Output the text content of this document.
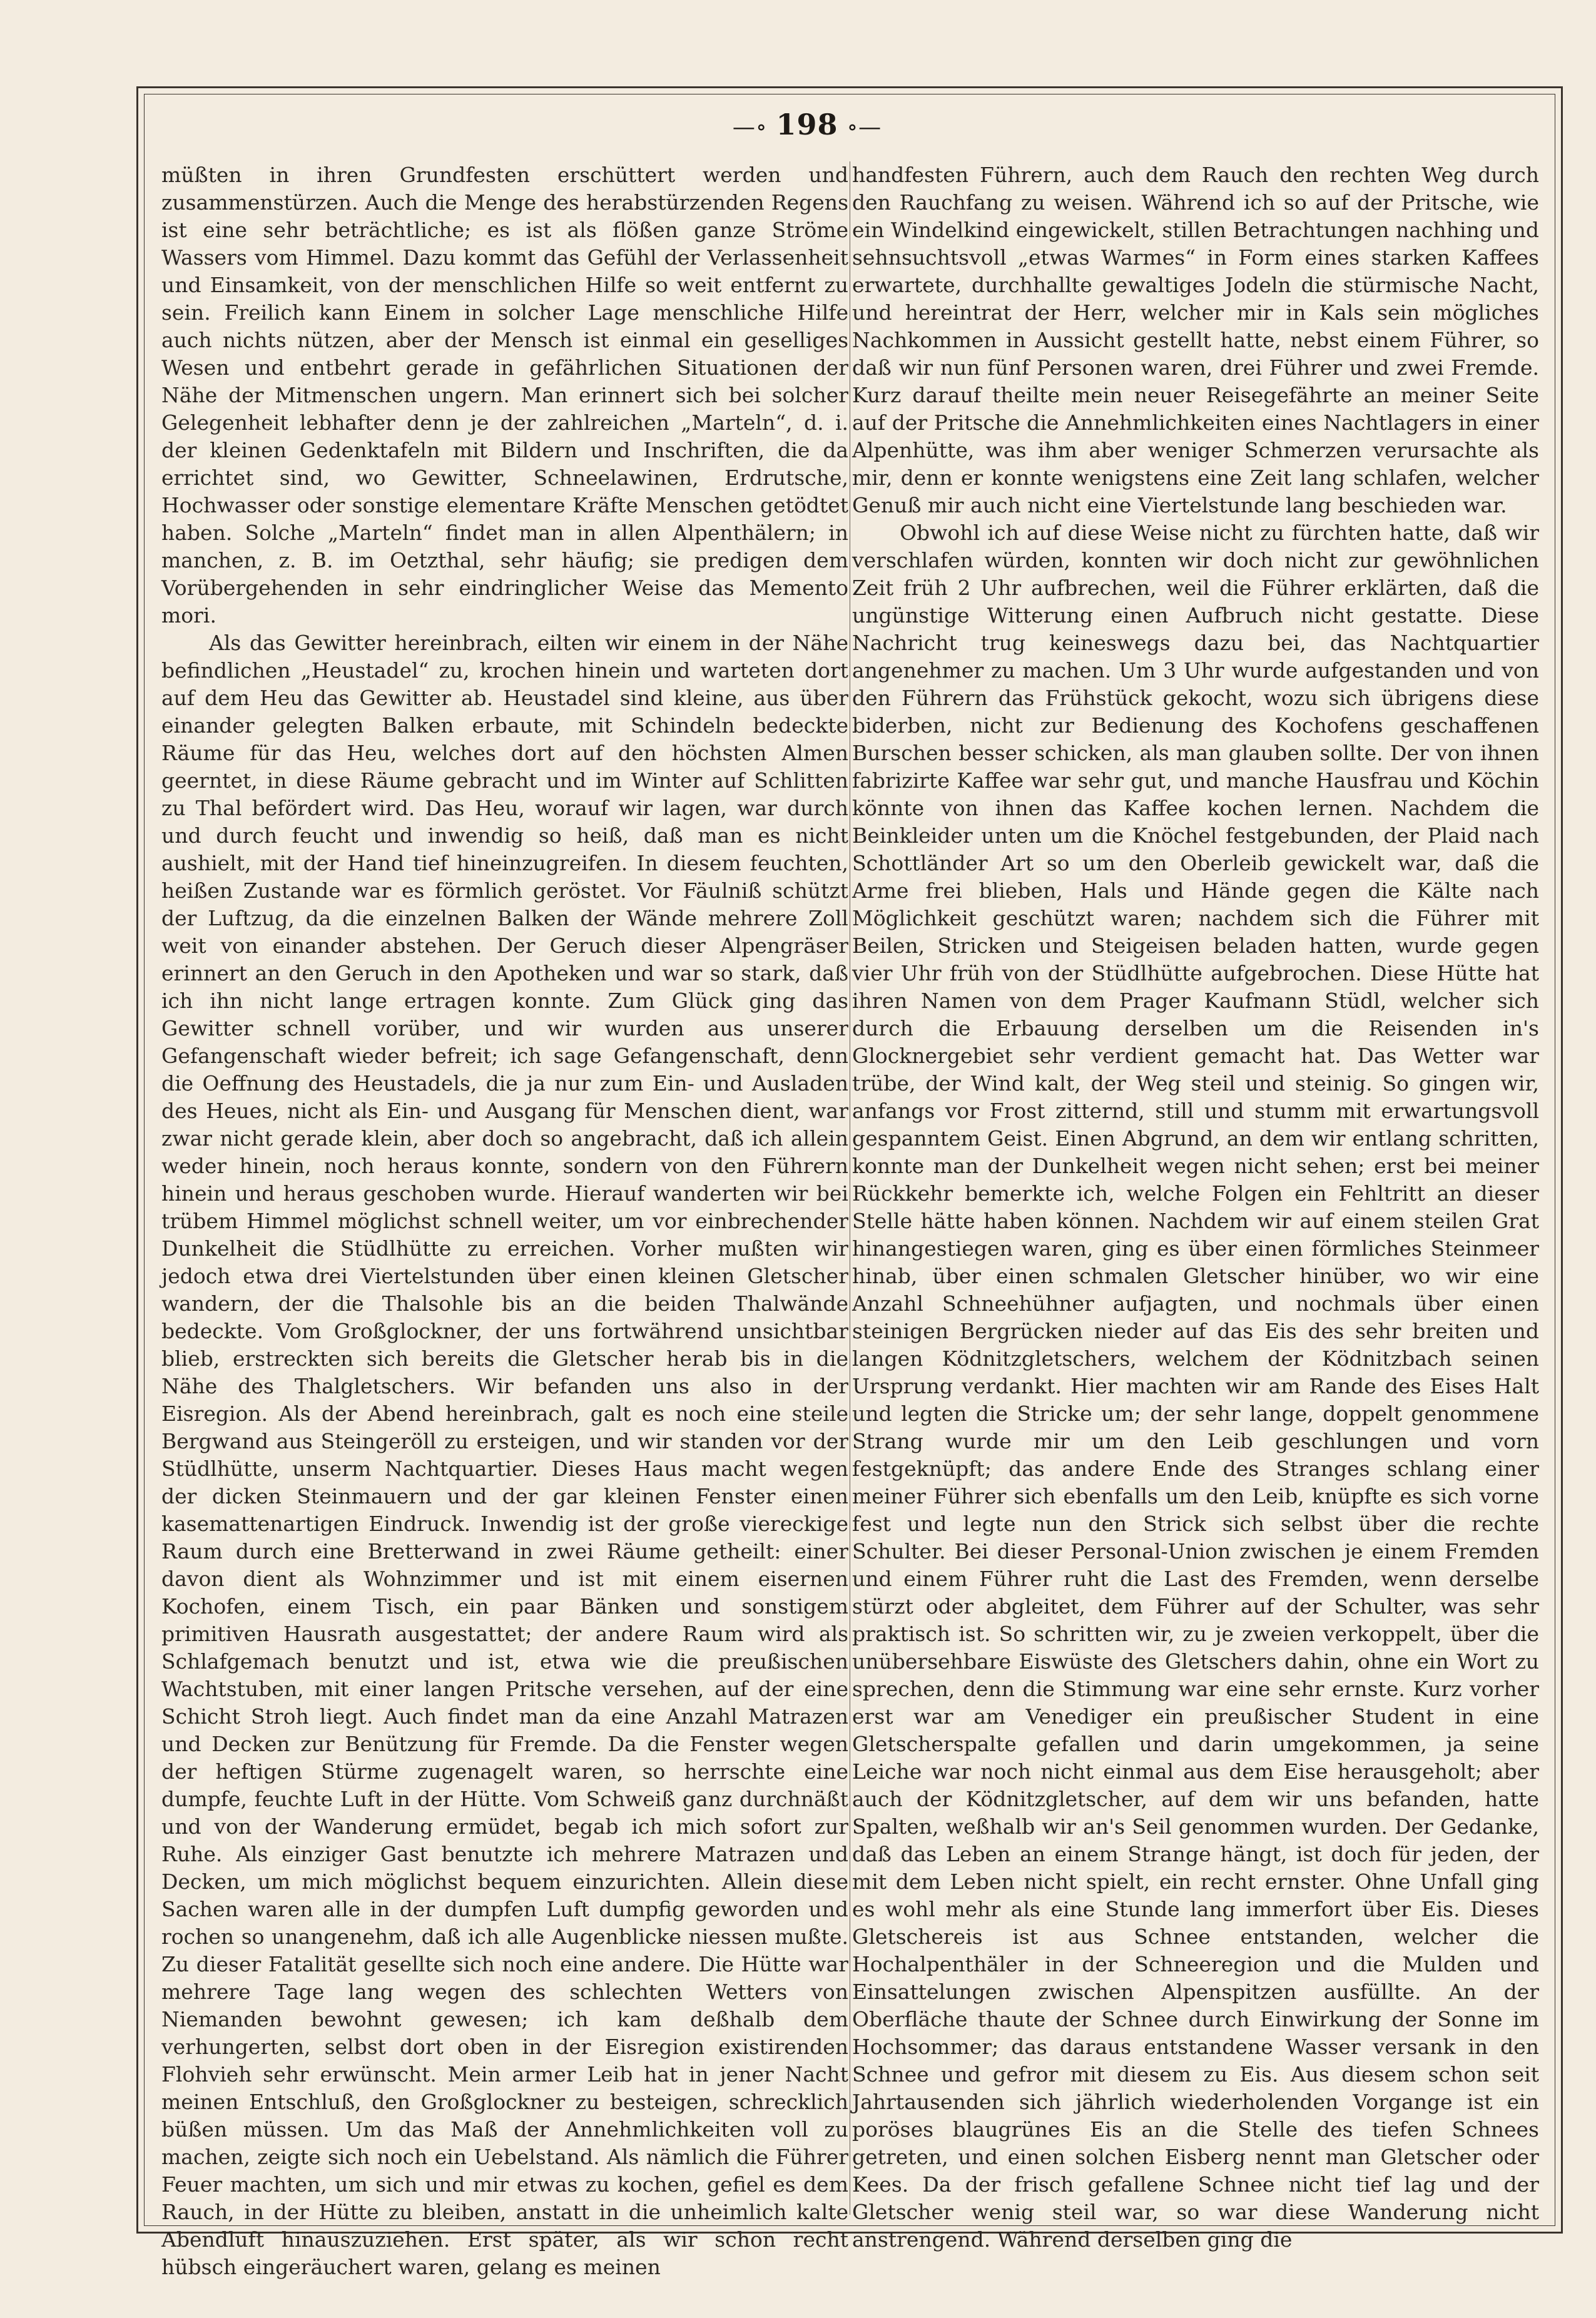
—∘ 198 ∘—

müßten in ihren Grundfesten erschüttert werden und zusammenstürzen. Auch die Menge des herabstürzenden Regens ist eine sehr beträchtliche; es ist als flößen ganze Ströme Wassers vom Himmel. Dazu kommt das Gefühl der Verlassenheit und Einsamkeit, von der menschlichen Hilfe so weit entfernt zu sein. Freilich kann Einem in solcher Lage menschliche Hilfe auch nichts nützen, aber der Mensch ist einmal ein geselliges Wesen und entbehrt gerade in gefährlichen Situationen der Nähe der Mitmenschen ungern. Man erinnert sich bei solcher Gelegenheit lebhafter denn je der zahlreichen „Marteln“, d. i. der kleinen Gedenktafeln mit Bildern und Inschriften, die da errichtet sind, wo Gewitter, Schneelawinen, Erdrutsche, Hochwasser oder sonstige elementare Kräfte Menschen getödtet haben. Solche „Marteln“ findet man in allen Alpenthälern; in manchen, z. B. im Oetzthal, sehr häufig; sie predigen dem Vorübergehenden in sehr eindringlicher Weise das Memento mori.

Als das Gewitter hereinbrach, eilten wir einem in der Nähe befindlichen „Heustadel“ zu, krochen hinein und warteten dort auf dem Heu das Gewitter ab. Heustadel sind kleine, aus über einander gelegten Balken erbaute, mit Schindeln bedeckte Räume für das Heu, welches dort auf den höchsten Almen geerntet, in diese Räume gebracht und im Winter auf Schlitten zu Thal befördert wird. Das Heu, worauf wir lagen, war durch und durch feucht und inwendig so heiß, daß man es nicht aushielt, mit der Hand tief hineinzugreifen. In diesem feuchten, heißen Zustande war es förmlich geröstet. Vor Fäulniß schützt der Luftzug, da die einzelnen Balken der Wände mehrere Zoll weit von einander abstehen. Der Geruch dieser Alpengräser erinnert an den Geruch in den Apotheken und war so stark, daß ich ihn nicht lange ertragen konnte. Zum Glück ging das Gewitter schnell vorüber, und wir wurden aus unserer Gefangenschaft wieder befreit; ich sage Gefangenschaft, denn die Oeffnung des Heustadels, die ja nur zum Ein- und Ausladen des Heues, nicht als Ein- und Ausgang für Menschen dient, war zwar nicht gerade klein, aber doch so angebracht, daß ich allein weder hinein, noch heraus konnte, sondern von den Führern hinein und heraus geschoben wurde. Hierauf wanderten wir bei trübem Himmel möglichst schnell weiter, um vor einbrechender Dunkelheit die Stüdlhütte zu erreichen. Vorher mußten wir jedoch etwa drei Viertelstunden über einen kleinen Gletscher wandern, der die Thalsohle bis an die beiden Thalwände bedeckte. Vom Großglockner, der uns fortwährend unsichtbar blieb, erstreckten sich bereits die Gletscher herab bis in die Nähe des Thalgletschers. Wir befanden uns also in der Eisregion. Als der Abend hereinbrach, galt es noch eine steile Bergwand aus Steingeröll zu ersteigen, und wir standen vor der Stüdlhütte, unserm Nachtquartier. Dieses Haus macht wegen der dicken Steinmauern und der gar kleinen Fenster einen kasemattenartigen Eindruck. Inwendig ist der große viereckige Raum durch eine Bretterwand in zwei Räume getheilt: einer davon dient als Wohnzimmer und ist mit einem eisernen Kochofen, einem Tisch, ein paar Bänken und sonstigem primitiven Hausrath ausgestattet; der andere Raum wird als Schlafgemach benutzt und ist, etwa wie die preußischen Wachtstuben, mit einer langen Pritsche versehen, auf der eine Schicht Stroh liegt. Auch findet man da eine Anzahl Matrazen und Decken zur Benützung für Fremde. Da die Fenster wegen der heftigen Stürme zugenagelt waren, so herrschte eine dumpfe, feuchte Luft in der Hütte. Vom Schweiß ganz durchnäßt und von der Wanderung ermüdet, begab ich mich sofort zur Ruhe. Als einziger Gast benutzte ich mehrere Matrazen und Decken, um mich möglichst bequem einzurichten. Allein diese Sachen waren alle in der dumpfen Luft dumpfig geworden und rochen so unangenehm, daß ich alle Augenblicke niessen mußte. Zu dieser Fatalität gesellte sich noch eine andere. Die Hütte war mehrere Tage lang wegen des schlechten Wetters von Niemanden bewohnt gewesen; ich kam deßhalb dem verhungerten, selbst dort oben in der Eisregion existirenden Flohvieh sehr erwünscht. Mein armer Leib hat in jener Nacht meinen Entschluß, den Großglockner zu besteigen, schrecklich büßen müssen. Um das Maß der Annehmlichkeiten voll zu machen, zeigte sich noch ein Uebelstand. Als nämlich die Führer Feuer machten, um sich und mir etwas zu kochen, gefiel es dem Rauch, in der Hütte zu bleiben, anstatt in die unheimlich kalte Abendluft hinauszuziehen. Erst später, als wir schon recht hübsch eingeräuchert waren, gelang es meinen

handfesten Führern, auch dem Rauch den rechten Weg durch den Rauchfang zu weisen. Während ich so auf der Pritsche, wie ein Windelkind eingewickelt, stillen Betrachtungen nachhing und sehnsuchtsvoll „etwas Warmes“ in Form eines starken Kaffees erwartete, durchhallte gewaltiges Jodeln die stürmische Nacht, und hereintrat der Herr, welcher mir in Kals sein mögliches Nachkommen in Aussicht gestellt hatte, nebst einem Führer, so daß wir nun fünf Personen waren, drei Führer und zwei Fremde. Kurz darauf theilte mein neuer Reisegefährte an meiner Seite auf der Pritsche die Annehmlichkeiten eines Nachtlagers in einer Alpenhütte, was ihm aber weniger Schmerzen verursachte als mir, denn er konnte wenigstens eine Zeit lang schlafen, welcher Genuß mir auch nicht eine Viertelstunde lang beschieden war.

Obwohl ich auf diese Weise nicht zu fürchten hatte, daß wir verschlafen würden, konnten wir doch nicht zur gewöhnlichen Zeit früh 2 Uhr aufbrechen, weil die Führer erklärten, daß die ungünstige Witterung einen Aufbruch nicht gestatte. Diese Nachricht trug keineswegs dazu bei, das Nachtquartier angenehmer zu machen. Um 3 Uhr wurde aufgestanden und von den Führern das Frühstück gekocht, wozu sich übrigens diese biderben, nicht zur Bedienung des Kochofens geschaffenen Burschen besser schicken, als man glauben sollte. Der von ihnen fabrizirte Kaffee war sehr gut, und manche Hausfrau und Köchin könnte von ihnen das Kaffee kochen lernen. Nachdem die Beinkleider unten um die Knöchel festgebunden, der Plaid nach Schottländer Art so um den Oberleib gewickelt war, daß die Arme frei blieben, Hals und Hände gegen die Kälte nach Möglichkeit geschützt waren; nachdem sich die Führer mit Beilen, Stricken und Steigeisen beladen hatten, wurde gegen vier Uhr früh von der Stüdlhütte aufgebrochen. Diese Hütte hat ihren Namen von dem Prager Kaufmann Stüdl, welcher sich durch die Erbauung derselben um die Reisenden in's Glocknergebiet sehr verdient gemacht hat. Das Wetter war trübe, der Wind kalt, der Weg steil und steinig. So gingen wir, anfangs vor Frost zitternd, still und stumm mit erwartungsvoll gespanntem Geist. Einen Abgrund, an dem wir entlang schritten, konnte man der Dunkelheit wegen nicht sehen; erst bei meiner Rückkehr bemerkte ich, welche Folgen ein Fehltritt an dieser Stelle hätte haben können. Nachdem wir auf einem steilen Grat hinangestiegen waren, ging es über einen förmliches Steinmeer hinab, über einen schmalen Gletscher hinüber, wo wir eine Anzahl Schneehühner aufjagten, und nochmals über einen steinigen Bergrücken nieder auf das Eis des sehr breiten und langen Ködnitzgletschers, welchem der Ködnitzbach seinen Ursprung verdankt. Hier machten wir am Rande des Eises Halt und legten die Stricke um; der sehr lange, doppelt genommene Strang wurde mir um den Leib geschlungen und vorn festgeknüpft; das andere Ende des Stranges schlang einer meiner Führer sich ebenfalls um den Leib, knüpfte es sich vorne fest und legte nun den Strick sich selbst über die rechte Schulter. Bei dieser Personal-Union zwischen je einem Fremden und einem Führer ruht die Last des Fremden, wenn derselbe stürzt oder abgleitet, dem Führer auf der Schulter, was sehr praktisch ist. So schritten wir, zu je zweien verkoppelt, über die unübersehbare Eiswüste des Gletschers dahin, ohne ein Wort zu sprechen, denn die Stimmung war eine sehr ernste. Kurz vorher erst war am Venediger ein preußischer Student in eine Gletscherspalte gefallen und darin umgekommen, ja seine Leiche war noch nicht einmal aus dem Eise herausgeholt; aber auch der Ködnitzgletscher, auf dem wir uns befanden, hatte Spalten, weßhalb wir an's Seil genommen wurden. Der Gedanke, daß das Leben an einem Strange hängt, ist doch für jeden, der mit dem Leben nicht spielt, ein recht ernster. Ohne Unfall ging es wohl mehr als eine Stunde lang immerfort über Eis. Dieses Gletschereis ist aus Schnee entstanden, welcher die Hochalpenthäler in der Schneeregion und die Mulden und Einsattelungen zwischen Alpenspitzen ausfüllte. An der Oberfläche thaute der Schnee durch Einwirkung der Sonne im Hochsommer; das daraus entstandene Wasser versank in den Schnee und gefror mit diesem zu Eis. Aus diesem schon seit Jahrtausenden sich jährlich wiederholenden Vorgange ist ein poröses blaugrünes Eis an die Stelle des tiefen Schnees getreten, und einen solchen Eisberg nennt man Gletscher oder Kees. Da der frisch gefallene Schnee nicht tief lag und der Gletscher wenig steil war, so war diese Wanderung nicht anstrengend. Während derselben ging die
